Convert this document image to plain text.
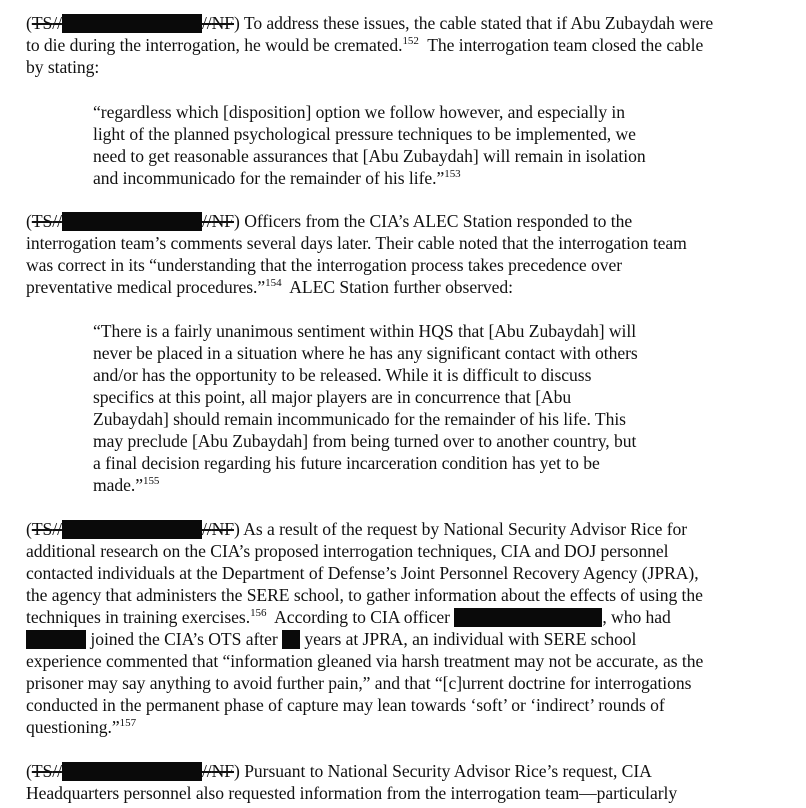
(TS//	//NF) To address these issues, the cable stated that if Abu Zubaydah were
to die during the interrogation, he would be cremated.$^{152}$ The interrogation team closed the cable
by stating:
“regardless which [disposition] option we follow however, and especially in
light of the planned psychological pressure techniques to be implemented, we
need to get reasonable assurances that [Abu Zubaydah] will remain in isolation
and incommunicado for the remainder of his life.”$^{153}$
(TS//	//NF) Officers from the CIA’s ALEC Station responded to the
interrogation team’s comments several days later. Their cable noted that the interrogation team
was correct in its “understanding that the interrogation process takes precedence over
preventative medical procedures.”$^{154}$ ALEC Station further observed:
“There is a fairly unanimous sentiment within HQS that [Abu Zubaydah] will
never be placed in a situation where he has any significant contact with others
and/or has the opportunity to be released. While it is difficult to discuss
specifics at this point, all major players are in concurrence that [Abu
Zubaydah] should remain incommunicado for the remainder of his life. This
may preclude [Abu Zubaydah] from being turned over to another country, but
a final decision regarding his future incarceration condition has yet to be
made.”$^{155}$
(TS//	//NF) As a result of the request by National Security Advisor Rice for
additional research on the CIA’s proposed interrogation techniques, CIA and DOJ personnel
contacted individuals at the Department of Defense’s Joint Personnel Recovery Agency (JPRA),
the agency that administers the SERE school, to gather information about the effects of using the
techniques in training exercises.$^{156}$ According to CIA officer	, who had
joined the CIA’s OTS after years at JPRA, an individual with SERE school
experience commented that “information gleaned via harsh treatment may not be accurate, as the
prisoner may say anything to avoid further pain,” and that “[c]urrent doctrine for interrogations
conducted in the permanent phase of capture may lean towards ‘soft’ or ‘indirect’ rounds of
questioning.”$^{157}$
(TS//	//NF) Pursuant to National Security Advisor Rice’s request, CIA
Headquarters personnel also requested information from the interrogation team—particularly
